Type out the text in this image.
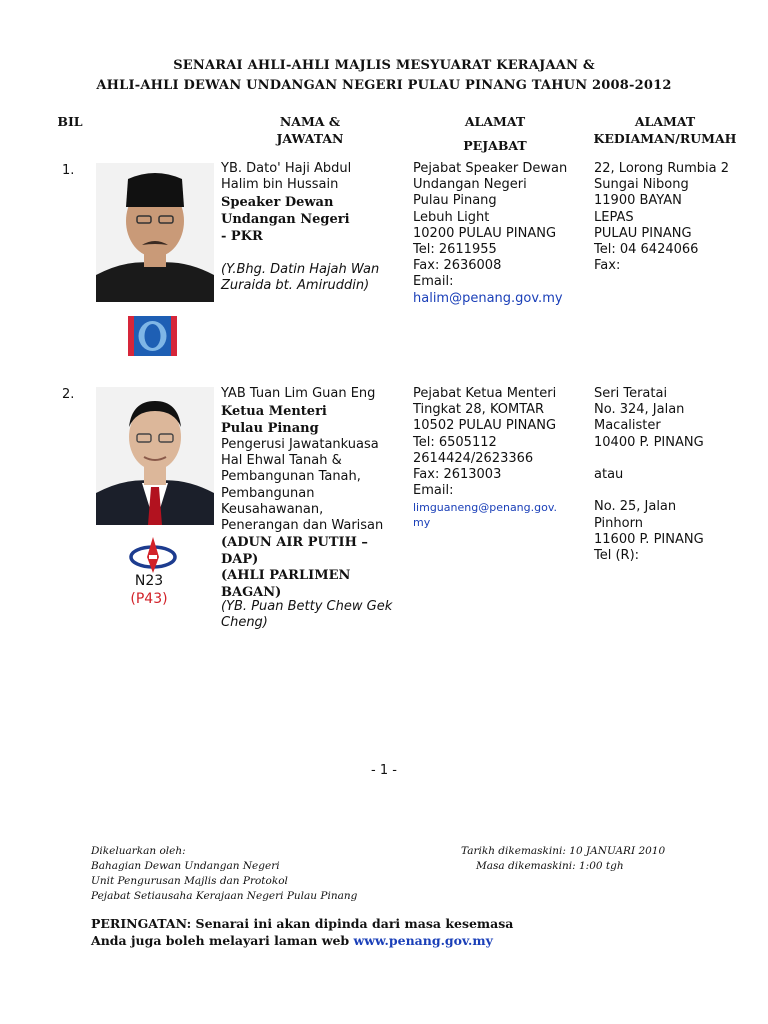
SENARAI AHLI-AHLI MAJLIS MESYUARAT KERAJAAN &
AHLI-AHLI DEWAN UNDANGAN NEGERI PULAU PINANG TAHUN 2008-2012
BIL	NAMA &
JAWATAN
ALAMAT
PEJABAT
ALAMAT
KEDIAMAN/RUMAH
1.	YB. Dato' Haji Abdul
Halim bin Hussain
Speaker Dewan
Undangan Negeri
- PKR
(Y.Bhg. Datin Hajah Wan
Zuraida bt. Amiruddin)
Pejabat Speaker Dewan
Undangan Negeri
Pulau Pinang
Lebuh Light
10200 PULAU PINANG
Tel: 2611955
Fax: 2636008
Email:
halim@penang.gov.my
22, Lorong Rumbia 2
Sungai Nibong
11900 BAYAN
LEPAS
PULAU PINANG
Tel: 04 6424066
Fax:
2.
N23
(P43)
YAB Tuan Lim Guan Eng
Ketua Menteri
Pulau Pinang
Pengerusi Jawatankuasa
Hal Ehwal Tanah &
Pembangunan Tanah,
Pembangunan
Keusahawanan,
Penerangan dan Warisan
(ADUN AIR PUTIH – DAP)
(AHLI PARLIMEN
BAGAN)
(YB. Puan Betty Chew Gek
Cheng)
Pejabat Ketua Menteri
Tingkat 28, KOMTAR
10502 PULAU PINANG
Tel: 6505112
2614424/2623366
Fax: 2613003
Email:
limguaneng@penang.gov.
my
Seri Teratai
No. 324, Jalan
Macalister
10400 P. PINANG

atau

No. 25, Jalan
Pinhorn
11600 P. PINANG
Tel (R):
- 1 -
Dikeluarkan oleh:
Bahagian Dewan Undangan Negeri
Unit Pengurusan Majlis dan Protokol
Pejabat Setiausaha Kerajaan Negeri Pulau Pinang
Tarikh dikemaskini: 10 JANUARI 2010
Masa dikemaskini: 1:00 tgh
PERINGATAN: Senarai ini akan dipinda dari masa kesemasa
Anda juga boleh melayari laman web www.penang.gov.my
